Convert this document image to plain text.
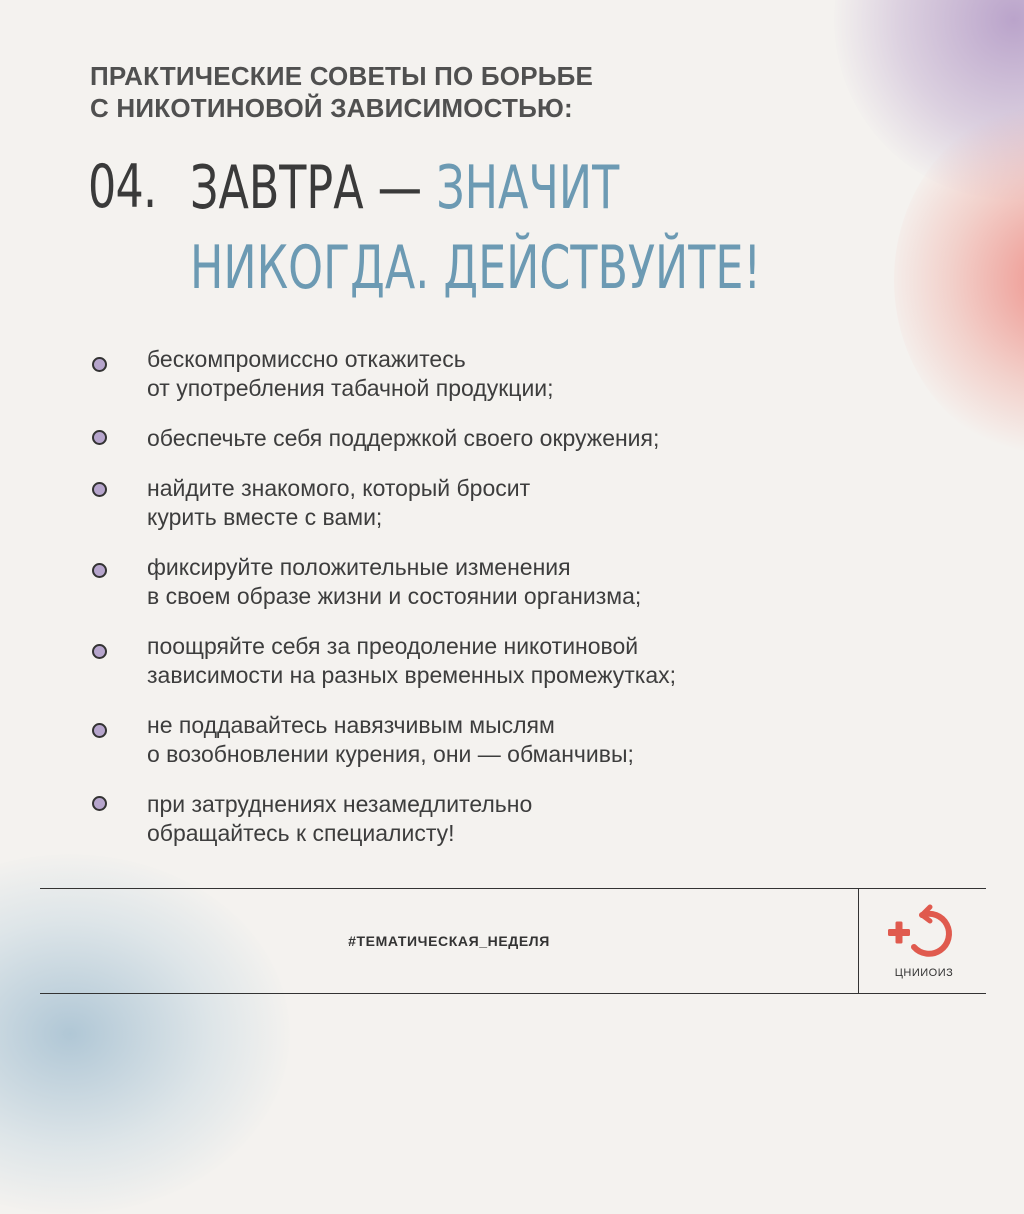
ПРАКТИЧЕСКИЕ СОВЕТЫ ПО БОРЬБЕ
С НИКОТИНОВОЙ ЗАВИСИМОСТЬЮ:
04. ЗАВТРА — ЗНАЧИТ
НИКОГДА. ДЕЙСТВУЙТЕ!
бескомпромиссно откажитесь
от употребления табачной продукции;
обеспечьте себя поддержкой своего окружения;
найдите знакомого, который бросит
курить вместе с вами;
фиксируйте положительные изменения
в своем образе жизни и состоянии организма;
поощряйте себя за преодоление никотиновой
зависимости на разных временных промежутках;
не поддавайтесь навязчивым мыслям
о возобновлении курения, они — обманчивы;
при затруднениях незамедлительно
обращайтесь к специалисту!
#ТЕМАТИЧЕСКАЯ_НЕДЕЛЯ
ЦНИИОИЗ
